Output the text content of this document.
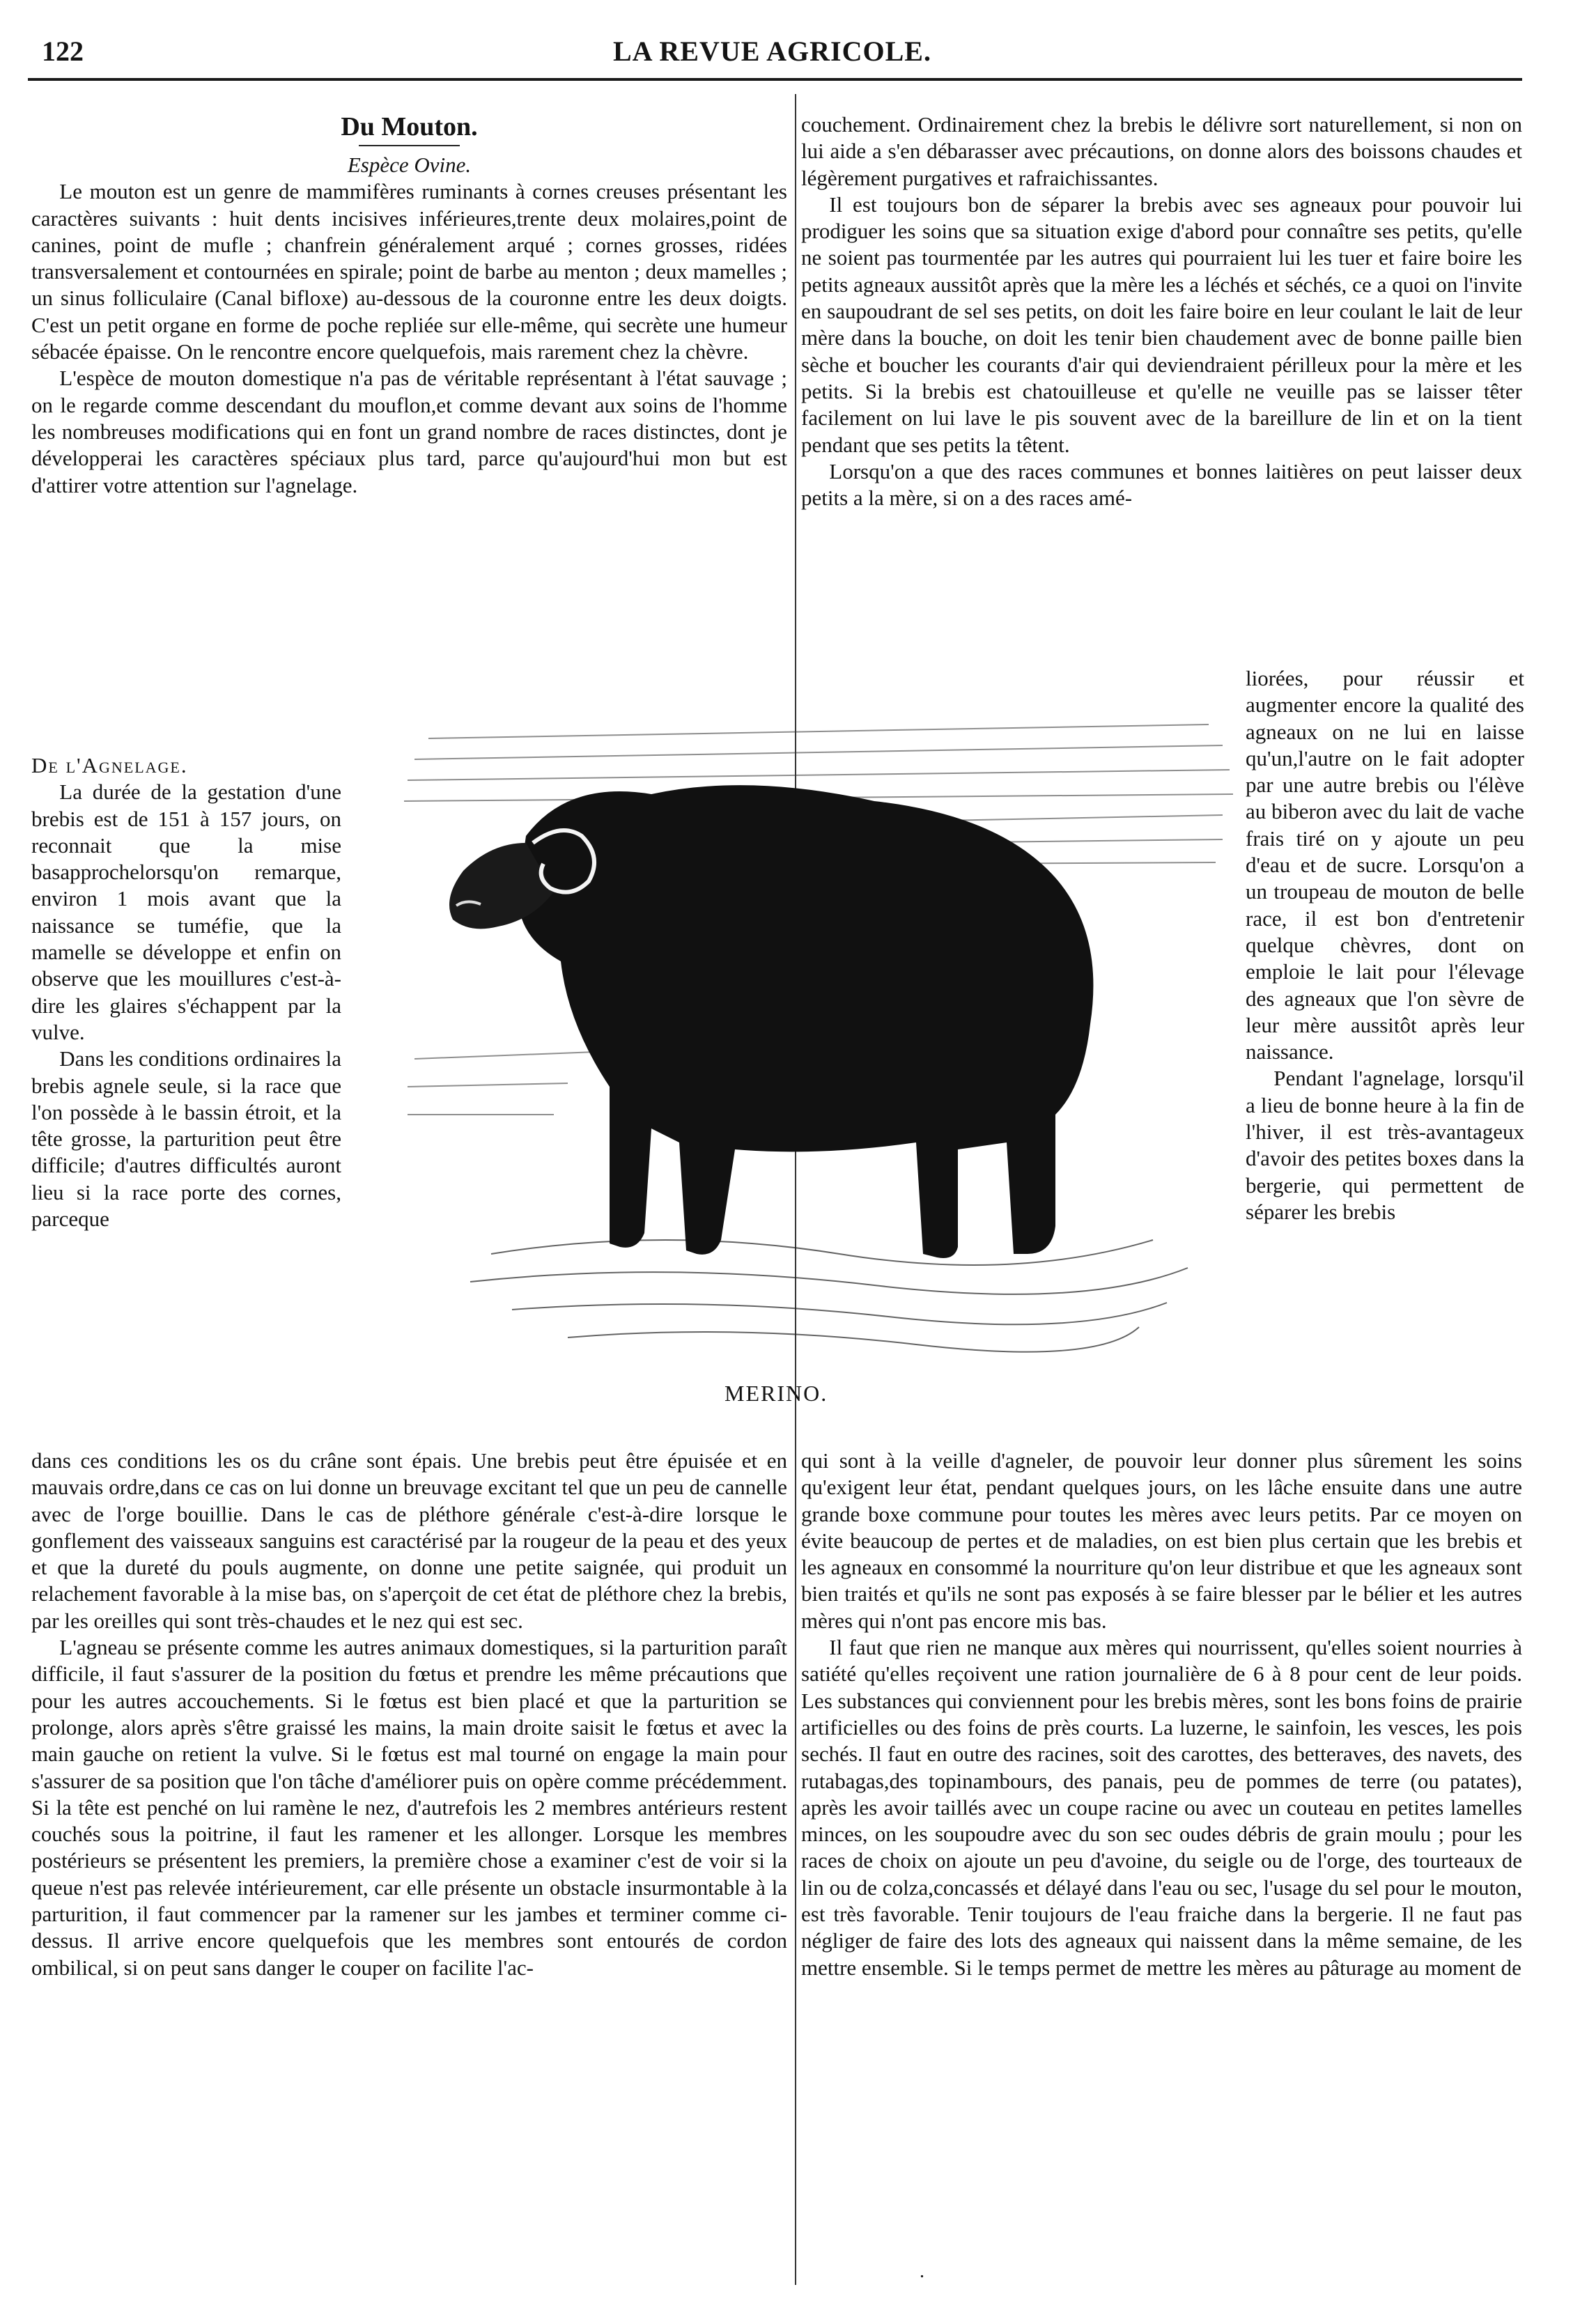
122	LA REVUE AGRICOLE.

Du Mouton.

Espèce Ovine.

Le mouton est un genre de mammifères ruminants à cornes creuses présentant les caractères suivants : huit dents incisives inférieures,trente deux molaires,point de canines, point de mufle ; chanfrein généralement arqué ; cornes grosses, ridées transversalement et contournées en spirale; point de barbe au menton ; deux mamelles ; un sinus folliculaire (Canal bifloxe) au-dessous de la couronne entre les deux doigts. C'est un petit organe en forme de poche repliée sur elle-même, qui secrète une humeur sébacée épaisse. On le rencontre encore quelquefois, mais rarement chez la chèvre.

L'espèce de mouton domestique n'a pas de véritable représentant à l'état sauvage ; on le regarde comme descendant du mouflon,et comme devant aux soins de l'homme les nombreuses modifications qui en font un grand nombre de races distinctes, dont je développerai les caractères spéciaux plus tard, parce qu'aujourd'hui mon but est d'attirer votre attention sur l'agnelage.

De l'Agnelage.

La durée de la gestation d'une brebis est de 151 à 157 jours, on reconnait que la mise basapprochelorsqu'on remarque, environ 1 mois avant que la naissance se tuméfie, que la mamelle se développe et enfin on observe que les mouillures c'est-à-dire les glaires s'échappent par la vulve.

Dans les conditions ordinaires la brebis agnele seule, si la race que l'on possède à le bassin étroit, et la tête grosse, la parturition peut être difficile; d'autres difficultés auront lieu si la race porte des cornes, parceque

dans ces conditions les os du crâne sont épais. Une brebis peut être épuisée et en mauvais ordre,dans ce cas on lui donne un breuvage excitant tel que un peu de cannelle avec de l'orge bouillie. Dans le cas de pléthore générale c'est-à-dire lorsque le gonflement des vaisseaux sanguins est caractérisé par la rougeur de la peau et des yeux et que la dureté du pouls augmente, on donne une petite saignée, qui produit un relachement favorable à la mise bas, on s'aperçoit de cet état de pléthore chez la brebis, par les oreilles qui sont très-chaudes et le nez qui est sec.

L'agneau se présente comme les autres animaux domestiques, si la parturition paraît difficile, il faut s'assurer de la position du fœtus et prendre les même précautions que pour les autres accouchements. Si le fœtus est bien placé et que la parturition se prolonge, alors après s'être graissé les mains, la main droite saisit le fœtus et avec la main gauche on retient la vulve. Si le fœtus est mal tourné on engage la main pour s'assurer de sa position que l'on tâche d'améliorer puis on opère comme précédemment. Si la tête est penché on lui ramène le nez, d'autrefois les 2 membres antérieurs restent couchés sous la poitrine, il faut les ramener et les allonger. Lorsque les membres postérieurs se présentent les premiers, la première chose a examiner c'est de voir si la queue n'est pas relevée intérieurement, car elle présente un obstacle insurmontable à la parturition, il faut commencer par la ramener sur les jambes et terminer comme ci-dessus. Il arrive encore quelquefois que les membres sont entourés de cordon ombilical, si on peut sans danger le couper on facilite l'ac-

couchement. Ordinairement chez la brebis le délivre sort naturellement, si non on lui aide a s'en débarasser avec précautions, on donne alors des boissons chaudes et légèrement purgatives et rafraichissantes.

Il est toujours bon de séparer la brebis avec ses agneaux pour pouvoir lui prodiguer les soins que sa situation exige d'abord pour connaître ses petits, qu'elle ne soient pas tourmentée par les autres qui pourraient lui les tuer et faire boire les petits agneaux aussitôt après que la mère les a léchés et séchés, ce a quoi on l'invite en saupoudrant de sel ses petits, on doit les faire boire en leur coulant le lait de leur mère dans la bouche, on doit les tenir bien chaudement avec de bonne paille bien sèche et boucher les courants d'air qui deviendraient périlleux pour la mère et les petits. Si la brebis est chatouilleuse et qu'elle ne veuille pas se laisser têter facilement on lui lave le pis souvent avec de la bareillure de lin et on la tient pendant que ses petits la têtent.

Lorsqu'on a que des races communes et bonnes laitières on peut laisser deux petits a la mère, si on a des races amé-

liorées, pour réussir et augmenter encore la qualité des agneaux on ne lui en laisse qu'un,l'autre on le fait adopter par une autre brebis ou l'élève au biberon avec du lait de vache frais tiré on y ajoute un peu d'eau et de sucre. Lorsqu'on a un troupeau de mouton de belle race, il est bon d'entretenir quelque chèvres, dont on emploie le lait pour l'élevage des agneaux que l'on sèvre de leur mère aussitôt après leur naissance.

Pendant l'agnelage, lorsqu'il a lieu de bonne heure à la fin de l'hiver, il est très-avantageux d'avoir des petites boxes dans la bergerie, qui permettent de séparer les brebis

qui sont à la veille d'agneler, de pouvoir leur donner plus sûrement les soins qu'exigent leur état, pendant quelques jours, on les lâche ensuite dans une autre grande boxe commune pour toutes les mères avec leurs petits. Par ce moyen on évite beaucoup de pertes et de maladies, on est bien plus certain que les brebis et les agneaux en consommé la nourriture qu'on leur distribue et que les agneaux sont bien traités et qu'ils ne sont pas exposés à se faire blesser par le bélier et les autres mères qui n'ont pas encore mis bas.

Il faut que rien ne manque aux mères qui nourrissent, qu'elles soient nourries à satiété qu'elles reçoivent une ration journalière de 6 à 8 pour cent de leur poids. Les substances qui conviennent pour les brebis mères, sont les bons foins de prairie artificielles ou des foins de près courts. La luzerne, le sainfoin, les vesces, les pois sechés. Il faut en outre des racines, soit des carottes, des betteraves, des navets, des rutabagas,des topinambours, des panais, peu de pommes de terre (ou patates), après les avoir taillés avec un coupe racine ou avec un couteau en petites lamelles minces, on les soupoudre avec du son sec oudes débris de grain moulu ; pour les races de choix on ajoute un peu d'avoine, du seigle ou de l'orge, des tourteaux de lin ou de colza,concassés et délayé dans l'eau ou sec, l'usage du sel pour le mouton, est très favorable. Tenir toujours de l'eau fraiche dans la bergerie. Il ne faut pas négliger de faire des lots des agneaux qui naissent dans la même semaine, de les mettre ensemble. Si le temps permet de mettre les mères au pâturage au moment de

MERINO.
.
